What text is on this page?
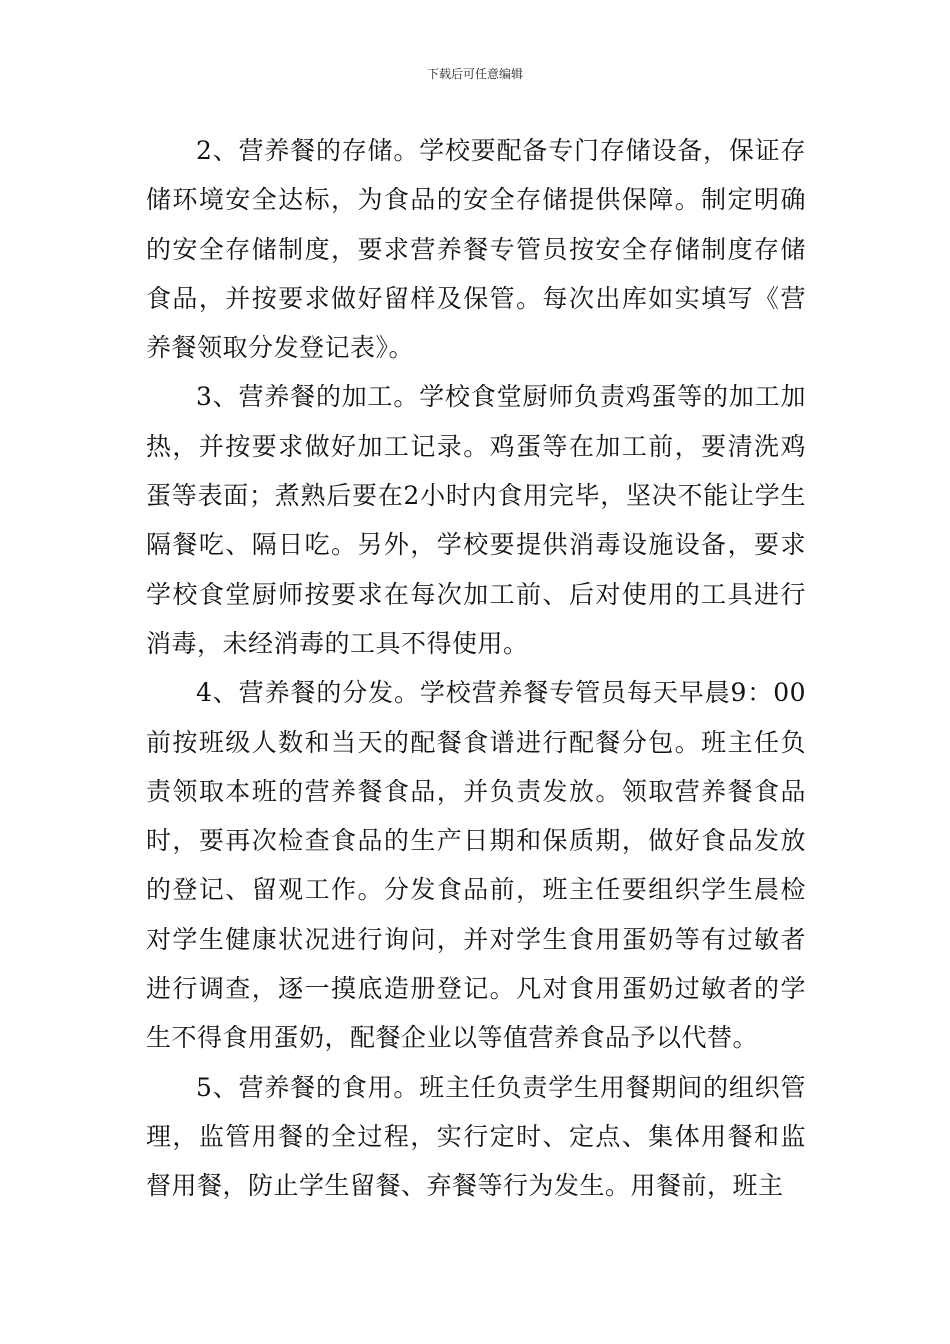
下载后可任意编辑

2、营养餐的存储。学校要配备专门存储设备，保证存储环境安全达标，为食品的安全存储提供保障。制定明确的安全存储制度，要求营养餐专管员按安全存储制度存储食品，并按要求做好留样及保管。每次出库如实填写《营养餐领取分发登记表》。

3、营养餐的加工。学校食堂厨师负责鸡蛋等的加工加热，并按要求做好加工记录。鸡蛋等在加工前，要清洗鸡蛋等表面；煮熟后要在2小时内食用完毕，坚决不能让学生隔餐吃、隔日吃。另外，学校要提供消毒设施设备，要求学校食堂厨师按要求在每次加工前、后对使用的工具进行消毒，未经消毒的工具不得使用。

4、营养餐的分发。学校营养餐专管员每天早晨9：00前按班级人数和当天的配餐食谱进行配餐分包。班主任负责领取本班的营养餐食品，并负责发放。领取营养餐食品时，要再次检查食品的生产日期和保质期，做好食品发放的登记、留观工作。分发食品前，班主任要组织学生晨检对学生健康状况进行询问，并对学生食用蛋奶等有过敏者进行调查，逐一摸底造册登记。凡对食用蛋奶过敏者的学生不得食用蛋奶，配餐企业以等值营养食品予以代替。

5、营养餐的食用。班主任负责学生用餐期间的组织管理，监管用餐的全过程，实行定时、定点、集体用餐和监督用餐，防止学生留餐、弃餐等行为发生。用餐前，班主
